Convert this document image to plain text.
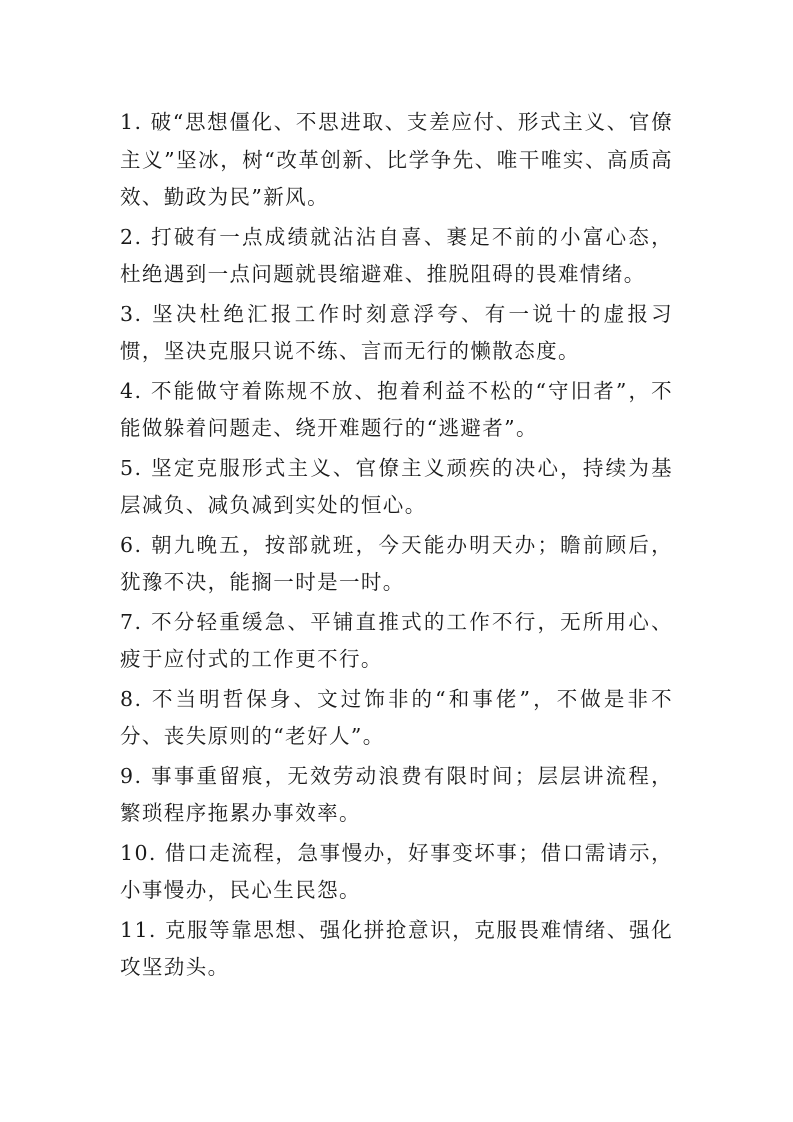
1. 破“思想僵化、不思进取、支差应付、形式主义、官僚主义”坚冰，树“改革创新、比学争先、唯干唯实、高质高效、勤政为民”新风。

2. 打破有一点成绩就沾沾自喜、裹足不前的小富心态，杜绝遇到一点问题就畏缩避难、推脱阻碍的畏难情绪。

3. 坚决杜绝汇报工作时刻意浮夸、有一说十的虚报习惯，坚决克服只说不练、言而无行的懒散态度。

4. 不能做守着陈规不放、抱着利益不松的“守旧者”，不能做躲着问题走、绕开难题行的“逃避者”。

5. 坚定克服形式主义、官僚主义顽疾的决心，持续为基层减负、减负减到实处的恒心。

6. 朝九晚五，按部就班，今天能办明天办；瞻前顾后，犹豫不决，能搁一时是一时。

7. 不分轻重缓急、平铺直推式的工作不行，无所用心、疲于应付式的工作更不行。

8. 不当明哲保身、文过饰非的“和事佬”，不做是非不分、丧失原则的“老好人”。

9. 事事重留痕，无效劳动浪费有限时间；层层讲流程，繁琐程序拖累办事效率。

10. 借口走流程，急事慢办，好事变坏事；借口需请示，小事慢办，民心生民怨。

11. 克服等靠思想、强化拼抢意识，克服畏难情绪、强化攻坚劲头。
